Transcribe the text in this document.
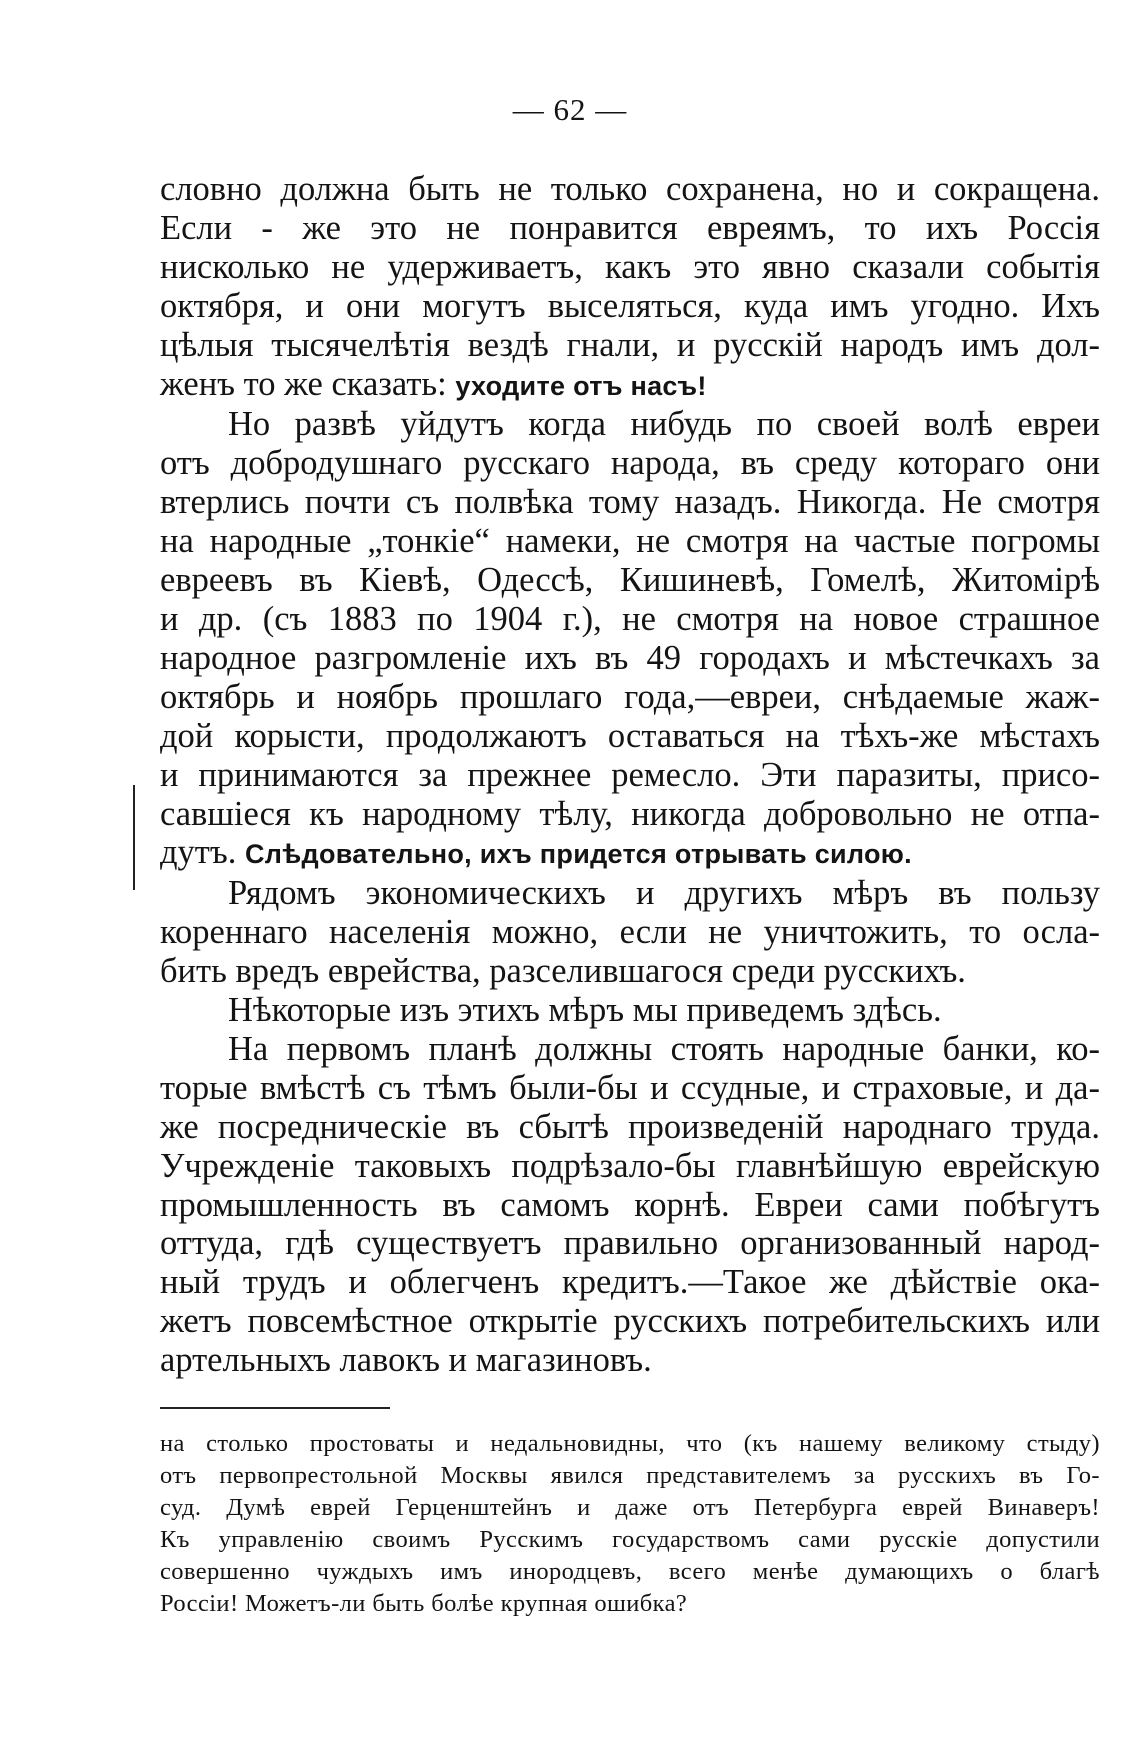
— 62 —

словно должна быть не только сохранена, но и сокращена.

Если - же это не понравится евреямъ, то ихъ Россія

нисколько не удерживаетъ, какъ это явно сказали событія

октября, и они могутъ выселяться, куда имъ угодно. Ихъ

цѣлыя тысячелѣтія вездѣ гнали, и русскій народъ имъ дол-

женъ то же сказать: уходите отъ насъ!

Но развѣ уйдутъ когда нибудь по своей волѣ евреи

отъ добродушнаго русскаго народа, въ среду котораго они

втерлись почти съ полвѣка тому назадъ. Никогда. Не смотря

на народные „тонкіе“ намеки, не смотря на частые погромы

евреевъ въ Кіевѣ, Одессѣ, Кишиневѣ, Гомелѣ, Житомірѣ

и др. (съ 1883 по 1904 г.), не смотря на новое страшное

народное разгромленіе ихъ въ 49 городахъ и мѣстечкахъ за

октябрь и ноябрь прошлаго года,—евреи, снѣдаемые жаж-

дой корысти, продолжаютъ оставаться на тѣхъ-же мѣстахъ

и принимаются за прежнее ремесло. Эти паразиты, присо-

савшіеся къ народному тѣлу, никогда добровольно не отпа-

дутъ. Слѣдовательно, ихъ придется отрывать силою.

Рядомъ экономическихъ и другихъ мѣръ въ пользу

кореннаго населенія можно, если не уничтожить, то осла-

бить вредъ еврейства, разселившагося среди русскихъ.

Нѣкоторые изъ этихъ мѣръ мы приведемъ здѣсь.

На первомъ планѣ должны стоять народные банки, ко-

торые вмѣстѣ съ тѣмъ были-бы и ссудные, и страховые, и да-

же посредническіе въ сбытѣ произведеній народнаго труда.

Учрежденіе таковыхъ подрѣзало-бы главнѣйшую еврейскую

промышленность въ самомъ корнѣ. Евреи сами побѣгутъ

оттуда, гдѣ существуетъ правильно организованный народ-

ный трудъ и облегченъ кредитъ.—Такое же дѣйствіе ока-

жетъ повсемѣстное открытіе русскихъ потребительскихъ или

артельныхъ лавокъ и магазиновъ.

на столько простоваты и недальновидны, что (къ нашему великому стыду)

отъ первопрестольной Москвы явился представителемъ за русскихъ въ Го-

суд. Думѣ еврей Герценштейнъ и даже отъ Петербурга еврей Винаверъ!

Къ управленію своимъ Русскимъ государствомъ сами русскіе допустили

совершенно чуждыхъ имъ инородцевъ, всего менѣе думающихъ о благѣ

Россіи! Можетъ-ли быть болѣе крупная ошибка?
